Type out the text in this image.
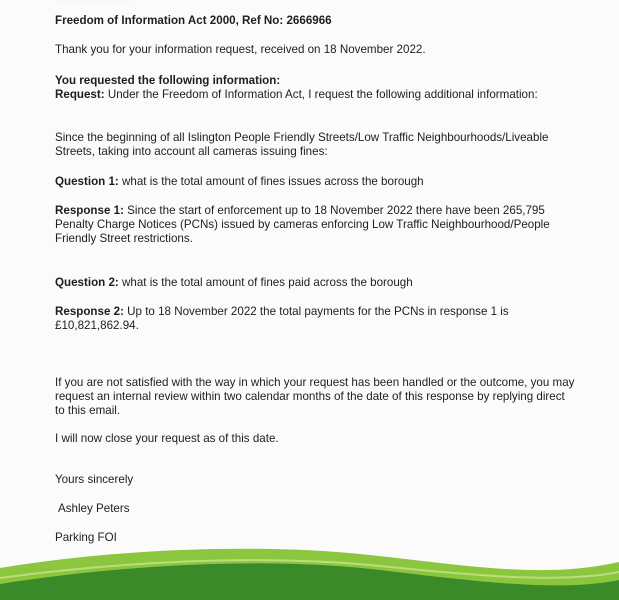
Freedom of Information Act 2000, Ref No: 2666966
Thank you for your information request, received on 18 November 2022.
You requested the following information:
Request: Under the Freedom of Information Act, I request the following additional information:
Since the beginning of all Islington People Friendly Streets/Low Traffic Neighbourhoods/Liveable Streets, taking into account all cameras issuing fines:
Question 1: what is the total amount of fines issues across the borough
Response 1: Since the start of enforcement up to 18 November 2022 there have been 265,795 Penalty Charge Notices (PCNs) issued by cameras enforcing Low Traffic Neighbourhood/People Friendly Street restrictions.
Question 2: what is the total amount of fines paid across the borough
Response 2: Up to 18 November 2022 the total payments for the PCNs in response 1 is £10,821,862.94.
If you are not satisfied with the way in which your request has been handled or the outcome, you may request an internal review within two calendar months of the date of this response by replying direct to this email.
I will now close your request as of this date.
Yours sincerely
Ashley Peters
Parking FOI
